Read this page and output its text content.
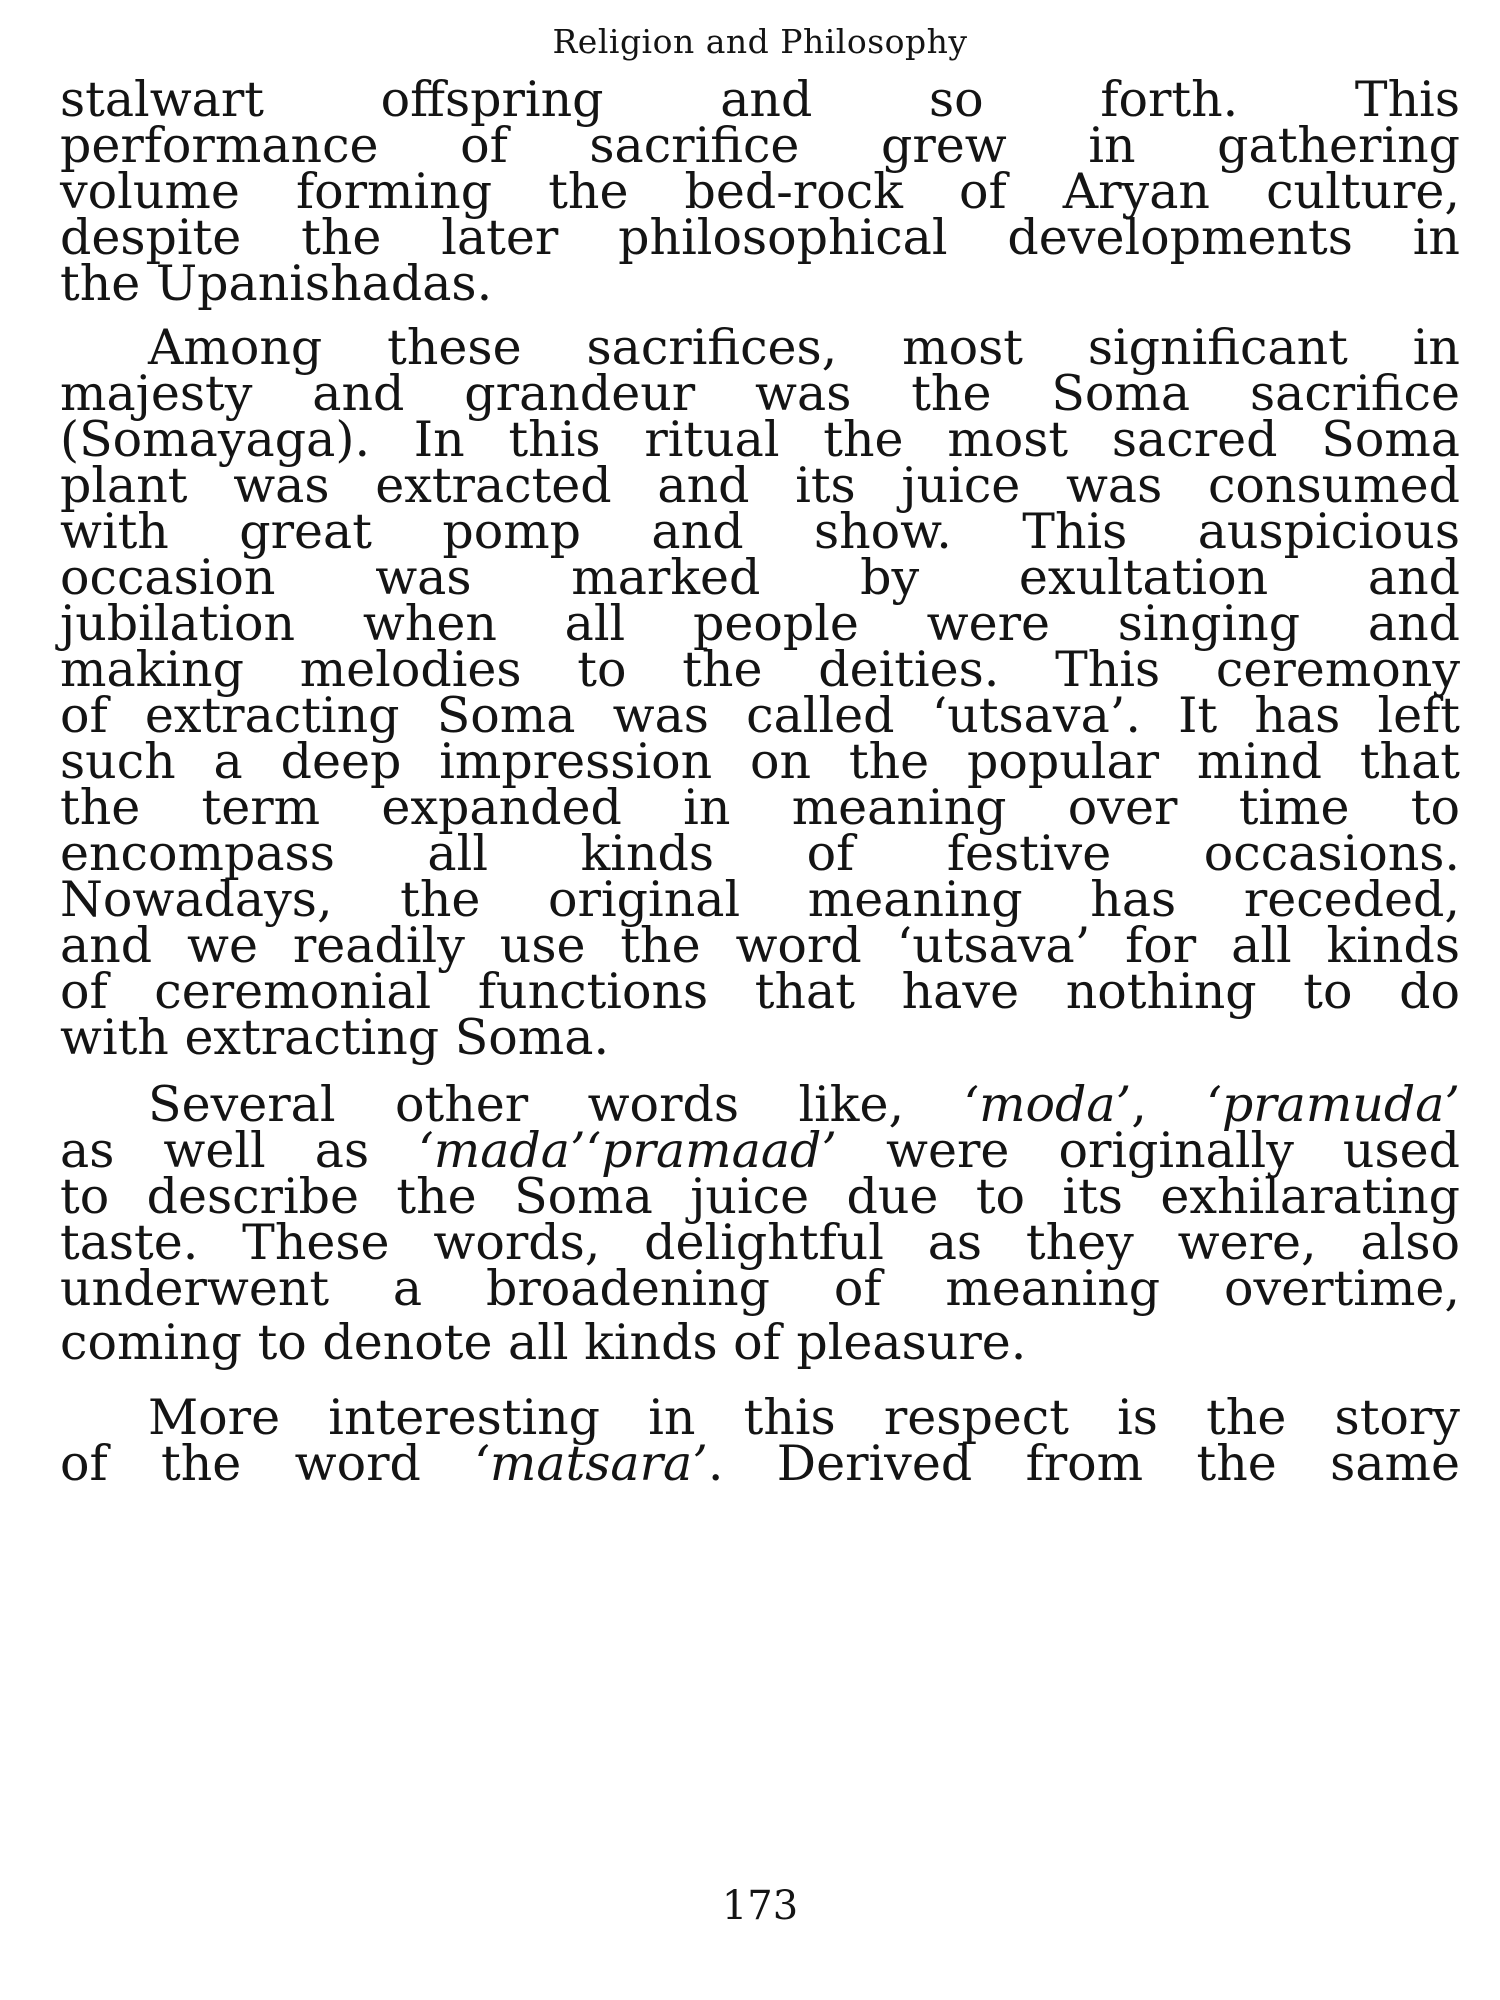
Religion and Philosophy
stalwart offspring and so forth. This
performance of sacrifice grew in gathering
volume forming the bed-rock of Aryan culture,
despite the later philosophical developments in
the Upanishadas.
Among these sacrifices, most significant in
majesty and grandeur was the Soma sacrifice
(Somayaga). In this ritual the most sacred Soma
plant was extracted and its juice was consumed
with great pomp and show. This auspicious
occasion was marked by exultation and
jubilation when all people were singing and
making melodies to the deities. This ceremony
of extracting Soma was called ‘utsava’. It has left
such a deep impression on the popular mind that
the term expanded in meaning over time to
encompass all kinds of festive occasions.
Nowadays, the original meaning has receded,
and we readily use the word ‘utsava’ for all kinds
of ceremonial functions that have nothing to do
with extracting Soma.
Several other words like, ‘moda’, ‘pramuda’
as well as ‘mada’‘pramaad’ were originally used
to describe the Soma juice due to its exhilarating
taste. These words, delightful as they were, also
underwent a broadening of meaning overtime,
coming to denote all kinds of pleasure.
More interesting in this respect is the story
of the word ‘matsara’. Derived from the same
173
